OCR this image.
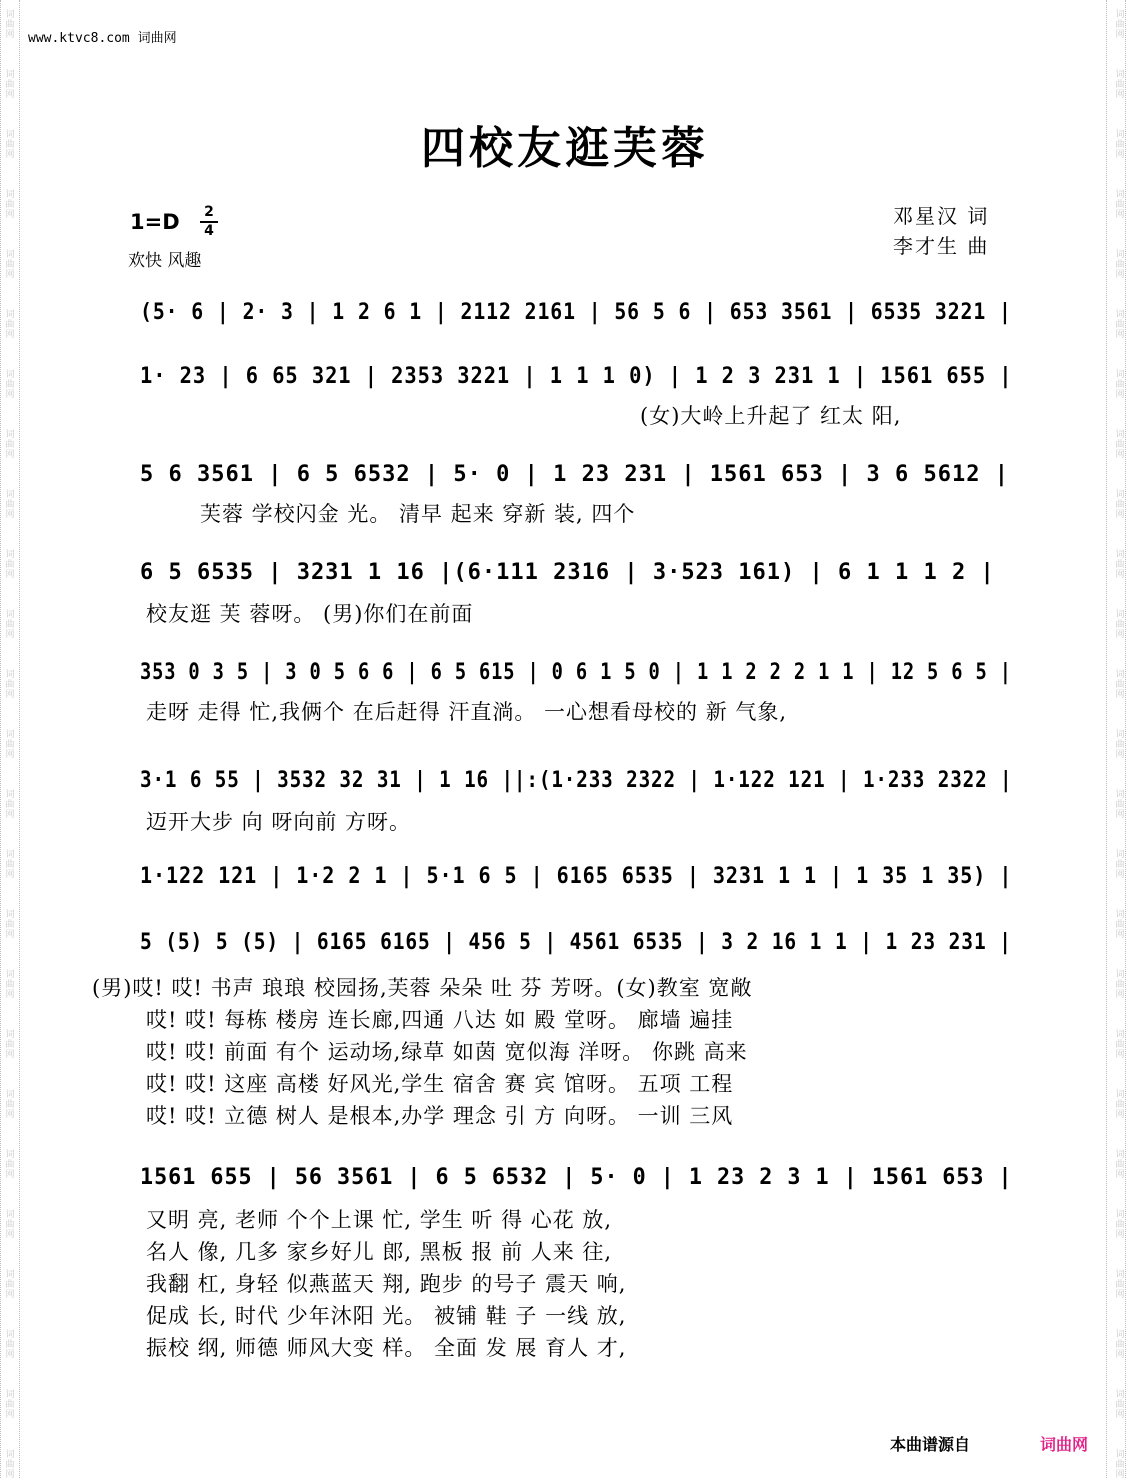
词
曲
网
词
曲
网
词
曲
网
词
曲
网
词
曲
网
词
曲
网
词
曲
网
词
曲
网
词
曲
网
词
曲
网
词
曲
网
词
曲
网
词
曲
网
词
曲
网
词
曲
网
词
曲
网
词
曲
网
词
曲
网
词
曲
网
词
曲
网
词
曲
网
词
曲
网
词
曲
网
词
曲
网
词
曲
网
词
曲
网
词
曲
网
词
曲
网
词
曲
网
词
曲
网
词
曲
网
词
曲
网
词
曲
网
词
曲
网
词
曲
网
词
曲
网
词
曲
网
词
曲
网
词
曲
网
词
曲
网
词
曲
网
词
曲
网
词
曲
网
词
曲
网
词
曲
网
词
曲
网
词
曲
网
词
曲
网
词
曲
网
词
曲
网
www.ktvc8.com 词曲网
四校友逛芙蓉
1=D 2
4
欢快 风趣
邓星汉 词
李才生 曲
(5· 6 | 2· 3 | 1 2 6 1 | 2112 2161 | 56 5 6 | 653 3561 | 6535 3221 |
1· 23 | 6 65 321 | 2353 3221 | 1 1 1 0) | 1 2 3 231 1 | 1561 655 |
5 6 3561 | 6 5 6532 | 5· 0 | 1 23 231 | 1561 653 | 3 6 5612 |
6 5 6535 | 3231 1 16 |(6·111 2316 | 3·523 161) | 6 1 1 1 2 |
353 0 3 5 | 3 0 5 6 6 | 6 5 615 | 0 6 1 5 0 | 1 1 2 2 2 1 1 | 12 5 6 5 |
3·1 6 55 | 3532 32 31 | 1 16 ||:(1·233 2322 | 1·122 121 | 1·233 2322 |
1·122 121 | 1·2 2 1 | 5·1 6 5 | 6165 6535 | 3231 1 1 | 1 35 1 35) |
5 (5) 5 (5) | 6165 6165 | 456 5 | 4561 6535 | 3 2 16 1 1 | 1 23 231 |
1561 655 | 56 3561 | 6 5 6532 | 5· 0 | 1 23 2 3 1 | 1561 653 |
(女)大岭上升起了 红太 阳,
芙蓉 学校闪金 光。 清早 起来 穿新 装, 四个
校友逛 芙 蓉呀。 (男)你们在前面
走呀 走得 忙,我俩个 在后赶得 汗直淌。 一心想看母校的 新 气象,
迈开大步 向 呀向前 方呀。
(男)哎! 哎! 书声 琅琅 校园扬,芙蓉 朵朵 吐 芬 芳呀。(女)教室 宽敞
哎! 哎! 每栋 楼房 连长廊,四通 八达 如 殿 堂呀。 廊墙 遍挂
哎! 哎! 前面 有个 运动场,绿草 如茵 宽似海 洋呀。 你跳 高来
哎! 哎! 这座 高楼 好风光,学生 宿舍 赛 宾 馆呀。 五项 工程
哎! 哎! 立德 树人 是根本,办学 理念 引 方 向呀。 一训 三风
又明 亮, 老师 个个上课 忙, 学生 听 得 心花 放,
名人 像, 几多 家乡好儿 郎, 黑板 报 前 人来 往,
我翻 杠, 身轻 似燕蓝天 翔, 跑步 的号子 震天 响,
促成 长, 时代 少年沐阳 光。 被铺 鞋 子 一线 放,
振校 纲, 师德 师风大变 样。 全面 发 展 育人 才,
本曲谱源自	词曲网
